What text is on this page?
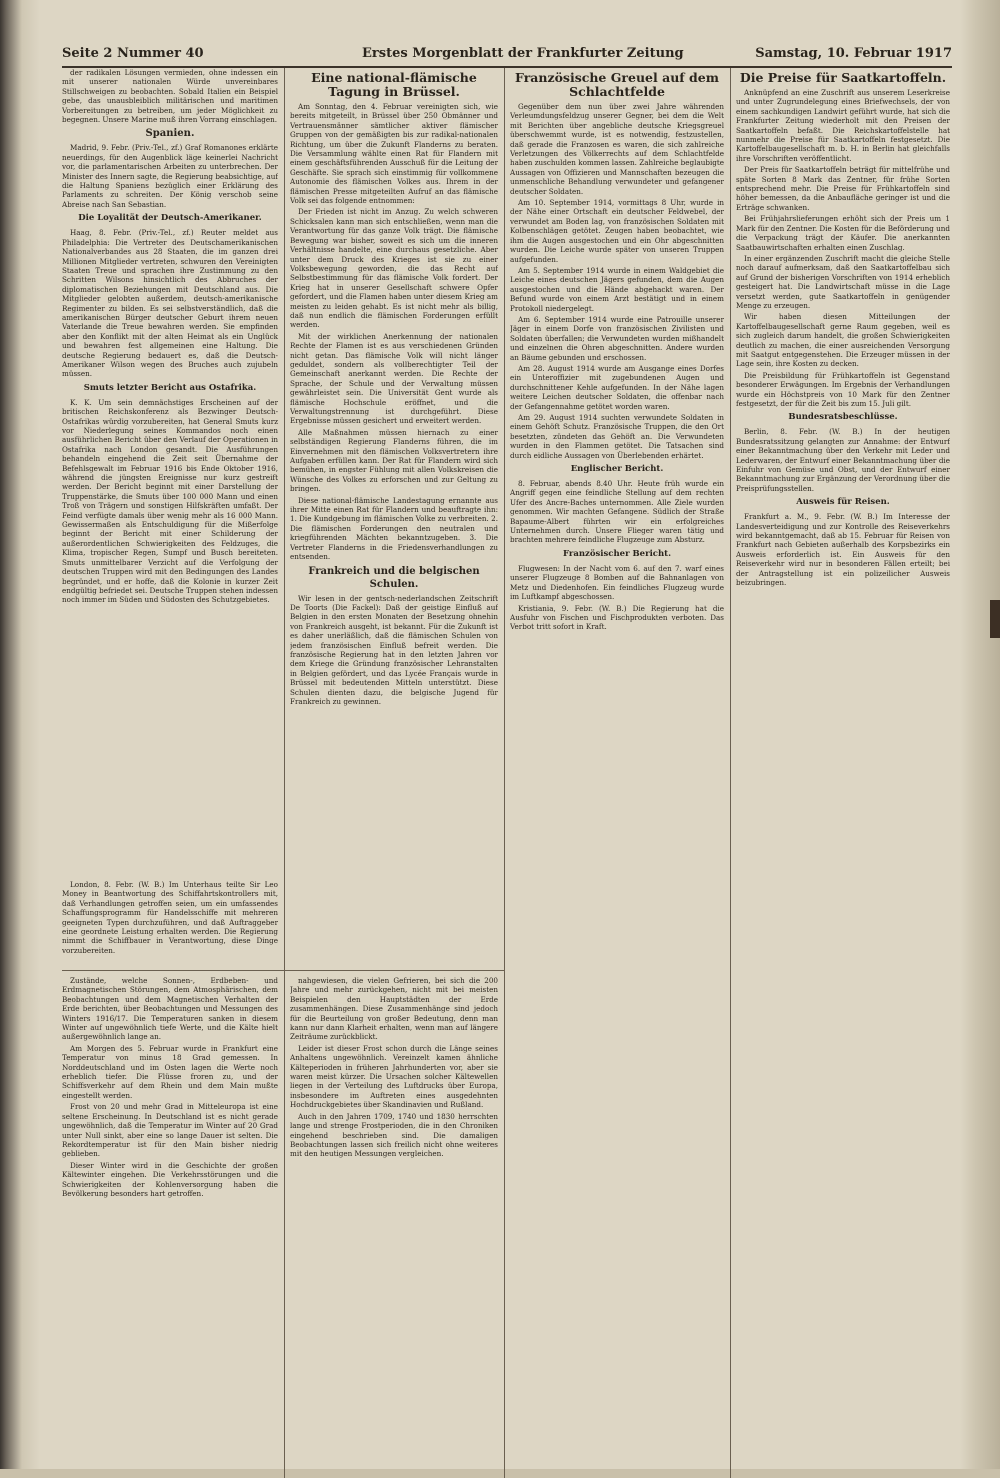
Seite 2 Nummer 40	Erstes Morgenblatt der Frankfurter Zeitung	Samstag, 10. Februar 1917

der radikalen Lösungen vermieden, ohne indessen ein mit unserer nationalen Würde unvereinbares Stillschweigen zu beobachten. Sobald Italien ein Beispiel gebe, das unausbleiblich militärischen und maritimen Vorbereitungen zu betreiben, um jeder Möglichkeit zu begegnen. Unsere Marine muß ihren Vorrang einschlagen.

Spanien.

Madrid, 9. Febr. (Priv.-Tel., zf.) Graf Romanones erklärte neuerdings, für den Augenblick läge keinerlei Nachricht vor, die parlamentarischen Arbeiten zu unterbrechen. Der Minister des Innern sagte, die Regierung beabsichtige, auf die Haltung Spaniens bezüglich einer Erklärung des Parlaments zu schreiten. Der König verschob seine Abreise nach San Sebastian.

Die Loyalität der Deutsch-Amerikaner.

Haag, 8. Febr. (Priv.-Tel., zf.) Reuter meldet aus Philadelphia: Die Vertreter des Deutschamerikanischen Nationalverbandes aus 28 Staaten, die im ganzen drei Millionen Mitglieder vertreten, schwuren den Vereinigten Staaten Treue und sprachen ihre Zustimmung zu den Schritten Wilsons hinsichtlich des Abbruches der diplomatischen Beziehungen mit Deutschland aus. Die Mitglieder gelobten außerdem, deutsch-amerikanische Regimenter zu bilden. Es sei selbstverständlich, daß die amerikanischen Bürger deutscher Geburt ihrem neuen Vaterlande die Treue bewahren werden. Sie empfinden aber den Konflikt mit der alten Heimat als ein Unglück und bewahren fest allgemeinen eine Haltung. Die deutsche Regierung bedauert es, daß die Deutsch-Amerikaner Wilson wegen des Bruches auch zujubeln müssen.

Smuts letzter Bericht aus Ostafrika.

K. K. Um sein demnächstiges Erscheinen auf der britischen Reichskonferenz als Bezwinger Deutsch-Ostafrikas würdig vorzubereiten, hat General Smuts kurz vor Niederlegung seines Kommandos noch einen ausführlichen Bericht über den Verlauf der Operationen in Ostafrika nach London gesandt. Die Ausführungen behandeln eingehend die Zeit seit Übernahme der Befehlsgewalt im Februar 1916 bis Ende Oktober 1916, während die jüngsten Ereignisse nur kurz gestreift werden. Der Bericht beginnt mit einer Darstellung der Truppenstärke, die Smuts über 100 000 Mann und einen Troß von Trägern und sonstigen Hilfskräften umfaßt. Der Feind verfügte damals über wenig mehr als 16 000 Mann. Gewissermaßen als Entschuldigung für die Mißerfolge beginnt der Bericht mit einer Schilderung der außerordentlichen Schwierigkeiten des Feldzuges, die Klima, tropischer Regen, Sumpf und Busch bereiteten. Smuts unmittelbarer Verzicht auf die Verfolgung der deutschen Truppen wird mit den Bedingungen des Landes begründet, und er hoffe, daß die Kolonie in kurzer Zeit endgültig befriedet sei. Deutsche Truppen stehen indessen noch immer im Süden und Südosten des Schutzgebietes.

London, 8. Febr. (W. B.) Im Unterhaus teilte Sir Leo Money in Beantwortung des Schiffahrtskontrollers mit, daß Verhandlungen getroffen seien, um ein umfassendes Schaffungsprogramm für Handelsschiffe mit mehreren geeigneten Typen durchzuführen, und daß Auftraggeber eine geordnete Leistung erhalten werden. Die Regierung nimmt die Schiffbauer in Verantwortung, diese Dinge vorzubereiten.

Zustände, welche Sonnen-, Erdbeben- und Erdmagnetischen Störungen, dem Atmosphärischen, dem Beobachtungen und dem Magnetischen Verhalten der Erde berichten, über Beobachtungen und Messungen des Winters 1916/17. Die Temperaturen sanken in diesem Winter auf ungewöhnlich tiefe Werte, und die Kälte hielt außergewöhnlich lange an.

Am Morgen des 5. Februar wurde in Frankfurt eine Temperatur von minus 18 Grad gemessen. In Norddeutschland und im Osten lagen die Werte noch erheblich tiefer. Die Flüsse froren zu, und der Schiffsverkehr auf dem Rhein und dem Main mußte eingestellt werden.

Frost von 20 und mehr Grad in Mitteleuropa ist eine seltene Erscheinung. In Deutschland ist es nicht gerade ungewöhnlich, daß die Temperatur im Winter auf 20 Grad unter Null sinkt, aber eine so lange Dauer ist selten. Die Rekordtemperatur ist für den Main bisher niedrig geblieben.

Dieser Winter wird in die Geschichte der großen Kältewinter eingehen. Die Verkehrsstörungen und die Schwierigkeiten der Kohlenversorgung haben die Bevölkerung besonders hart getroffen.

Eine national-flämische Tagung in Brüssel.

Am Sonntag, den 4. Februar vereinigten sich, wie bereits mitgeteilt, in Brüssel über 250 Obmänner und Vertrauensmänner sämtlicher aktiver flämischer Gruppen von der gemäßigten bis zur radikal-nationalen Richtung, um über die Zukunft Flanderns zu beraten. Die Versammlung wählte einen Rat für Flandern mit einem geschäftsführenden Ausschuß für die Leitung der Geschäfte. Sie sprach sich einstimmig für vollkommene Autonomie des flämischen Volkes aus. Ihrem in der flämischen Presse mitgeteilten Aufruf an das flämische Volk sei das folgende entnommen:

Der Frieden ist nicht im Anzug. Zu welch schweren Schicksalen kann man sich entschließen, wenn man die Verantwortung für das ganze Volk trägt. Die flämische Bewegung war bisher, soweit es sich um die inneren Verhältnisse handelte, eine durchaus gesetzliche. Aber unter dem Druck des Krieges ist sie zu einer Volksbewegung geworden, die das Recht auf Selbstbestimmung für das flämische Volk fordert. Der Krieg hat in unserer Gesellschaft schwere Opfer gefordert, und die Flamen haben unter diesem Krieg am meisten zu leiden gehabt. Es ist nicht mehr als billig, daß nun endlich die flämischen Forderungen erfüllt werden.

Mit der wirklichen Anerkennung der nationalen Rechte der Flamen ist es aus verschiedenen Gründen nicht getan. Das flämische Volk will nicht länger geduldet, sondern als vollberechtigter Teil der Gemeinschaft anerkannt werden. Die Rechte der Sprache, der Schule und der Verwaltung müssen gewährleistet sein. Die Universität Gent wurde als flämische Hochschule eröffnet, und die Verwaltungstrennung ist durchgeführt. Diese Ergebnisse müssen gesichert und erweitert werden.

Alle Maßnahmen müssen hiernach zu einer selbständigen Regierung Flanderns führen, die im Einvernehmen mit den flämischen Volksvertretern ihre Aufgaben erfüllen kann. Der Rat für Flandern wird sich bemühen, in engster Fühlung mit allen Volkskreisen die Wünsche des Volkes zu erforschen und zur Geltung zu bringen.

Diese national-flämische Landestagung ernannte aus ihrer Mitte einen Rat für Flandern und beauftragte ihn: 1. Die Kundgebung im flämischen Volke zu verbreiten. 2. Die flämischen Forderungen den neutralen und kriegführenden Mächten bekanntzugeben. 3. Die Vertreter Flanderns in die Friedensverhandlungen zu entsenden.

Frankreich und die belgischen Schulen.

Wir lesen in der gentsch-nederlandschen Zeitschrift De Toorts (Die Fackel): Daß der geistige Einfluß auf Belgien in den ersten Monaten der Besetzung ohnehin von Frankreich ausgeht, ist bekannt. Für die Zukunft ist es daher unerläßlich, daß die flämischen Schulen von jedem französischen Einfluß befreit werden. Die französische Regierung hat in den letzten Jahren vor dem Kriege die Gründung französischer Lehranstalten in Belgien gefördert, und das Lycée Français wurde in Brüssel mit bedeutenden Mitteln unterstützt. Diese Schulen dienten dazu, die belgische Jugend für Frankreich zu gewinnen.

nahgewiesen, die vielen Gefrieren, bei sich die 200 Jahre und mehr zurückgehen, nicht mit bei meisten Beispielen den Hauptstädten der Erde zusammenhängen. Diese Zusammenhänge sind jedoch für die Beurteilung von großer Bedeutung, denn man kann nur dann Klarheit erhalten, wenn man auf längere Zeiträume zurückblickt.

Leider ist dieser Frost schon durch die Länge seines Anhaltens ungewöhnlich. Vereinzelt kamen ähnliche Kälteperioden in früheren Jahrhunderten vor, aber sie waren meist kürzer. Die Ursachen solcher Kältewellen liegen in der Verteilung des Luftdrucks über Europa, insbesondere im Auftreten eines ausgedehnten Hochdruckgebietes über Skandinavien und Rußland.

Auch in den Jahren 1709, 1740 und 1830 herrschten lange und strenge Frostperioden, die in den Chroniken eingehend beschrieben sind. Die damaligen Beobachtungen lassen sich freilich nicht ohne weiteres mit den heutigen Messungen vergleichen.

Französische Greuel auf dem Schlachtfelde

Gegenüber dem nun über zwei Jahre währenden Verleumdungsfeldzug unserer Gegner, bei dem die Welt mit Berichten über angebliche deutsche Kriegsgreuel überschwemmt wurde, ist es notwendig, festzustellen, daß gerade die Franzosen es waren, die sich zahlreiche Verletzungen des Völkerrechts auf dem Schlachtfelde haben zuschulden kommen lassen. Zahlreiche beglaubigte Aussagen von Offizieren und Mannschaften bezeugen die unmenschliche Behandlung verwundeter und gefangener deutscher Soldaten.

Am 10. September 1914, vormittags 8 Uhr, wurde in der Nähe einer Ortschaft ein deutscher Feldwebel, der verwundet am Boden lag, von französischen Soldaten mit Kolbenschlägen getötet. Zeugen haben beobachtet, wie ihm die Augen ausgestochen und ein Ohr abgeschnitten wurden. Die Leiche wurde später von unseren Truppen aufgefunden.

Am 5. September 1914 wurde in einem Waldgebiet die Leiche eines deutschen Jägers gefunden, dem die Augen ausgestochen und die Hände abgehackt waren. Der Befund wurde von einem Arzt bestätigt und in einem Protokoll niedergelegt.

Am 6. September 1914 wurde eine Patrouille unserer Jäger in einem Dorfe von französischen Zivilisten und Soldaten überfallen; die Verwundeten wurden mißhandelt und einzelnen die Ohren abgeschnitten. Andere wurden an Bäume gebunden und erschossen.

Am 28. August 1914 wurde am Ausgange eines Dorfes ein Unteroffizier mit zugebundenen Augen und durchschnittener Kehle aufgefunden. In der Nähe lagen weitere Leichen deutscher Soldaten, die offenbar nach der Gefangennahme getötet worden waren.

Am 29. August 1914 suchten verwundete Soldaten in einem Gehöft Schutz. Französische Truppen, die den Ort besetzten, zündeten das Gehöft an. Die Verwundeten wurden in den Flammen getötet. Die Tatsachen sind durch eidliche Aussagen von Überlebenden erhärtet.

Englischer Bericht.

8. Februar, abends 8.40 Uhr. Heute früh wurde ein Angriff gegen eine feindliche Stellung auf dem rechten Ufer des Ancre-Baches unternommen. Alle Ziele wurden genommen. Wir machten Gefangene. Südlich der Straße Bapaume-Albert führten wir ein erfolgreiches Unternehmen durch. Unsere Flieger waren tätig und brachten mehrere feindliche Flugzeuge zum Absturz.

Französischer Bericht.

Flugwesen: In der Nacht vom 6. auf den 7. warf eines unserer Flugzeuge 8 Bomben auf die Bahnanlagen von Metz und Diedenhofen. Ein feindliches Flugzeug wurde im Luftkampf abgeschossen.

Kristiania, 9. Febr. (W. B.) Die Regierung hat die Ausfuhr von Fischen und Fischprodukten verboten. Das Verbot tritt sofort in Kraft.

Die Preise für Saatkartoffeln.

Anknüpfend an eine Zuschrift aus unserem Leserkreise und unter Zugrundelegung eines Briefwechsels, der von einem sachkundigen Landwirt geführt wurde, hat sich die Frankfurter Zeitung wiederholt mit den Preisen der Saatkartoffeln befaßt. Die Reichskartoffelstelle hat nunmehr die Preise für Saatkartoffeln festgesetzt. Die Kartoffelbaugesellschaft m. b. H. in Berlin hat gleichfalls ihre Vorschriften veröffentlicht.

Der Preis für Saatkartoffeln beträgt für mittelfrühe und späte Sorten 8 Mark das Zentner, für frühe Sorten entsprechend mehr. Die Preise für Frühkartoffeln sind höher bemessen, da die Anbaufläche geringer ist und die Erträge schwanken.

Bei Frühjahrslieferungen erhöht sich der Preis um 1 Mark für den Zentner. Die Kosten für die Beförderung und die Verpackung trägt der Käufer. Die anerkannten Saatbauwirtschaften erhalten einen Zuschlag.

In einer ergänzenden Zuschrift macht die gleiche Stelle noch darauf aufmerksam, daß den Saatkartoffelbau sich auf Grund der bisherigen Vorschriften von 1914 erheblich gesteigert hat. Die Landwirtschaft müsse in die Lage versetzt werden, gute Saatkartoffeln in genügender Menge zu erzeugen.

Wir haben diesen Mitteilungen der Kartoffelbaugesellschaft gerne Raum gegeben, weil es sich zugleich darum handelt, die großen Schwierigkeiten deutlich zu machen, die einer ausreichenden Versorgung mit Saatgut entgegenstehen. Die Erzeuger müssen in der Lage sein, ihre Kosten zu decken.

Die Preisbildung für Frühkartoffeln ist Gegenstand besonderer Erwägungen. Im Ergebnis der Verhandlungen wurde ein Höchstpreis von 10 Mark für den Zentner festgesetzt, der für die Zeit bis zum 15. Juli gilt.

Bundesratsbeschlüsse.

Berlin, 8. Febr. (W. B.) In der heutigen Bundesratssitzung gelangten zur Annahme: der Entwurf einer Bekanntmachung über den Verkehr mit Leder und Lederwaren, der Entwurf einer Bekanntmachung über die Einfuhr von Gemüse und Obst, und der Entwurf einer Bekanntmachung zur Ergänzung der Verordnung über die Preisprüfungsstellen.

Ausweis für Reisen.

Frankfurt a. M., 9. Febr. (W. B.) Im Interesse der Landesverteidigung und zur Kontrolle des Reiseverkehrs wird bekanntgemacht, daß ab 15. Februar für Reisen von Frankfurt nach Gebieten außerhalb des Korpsbezirks ein Ausweis erforderlich ist. Ein Ausweis für den Reiseverkehr wird nur in besonderen Fällen erteilt; bei der Antragstellung ist ein polizeilicher Ausweis beizubringen.
